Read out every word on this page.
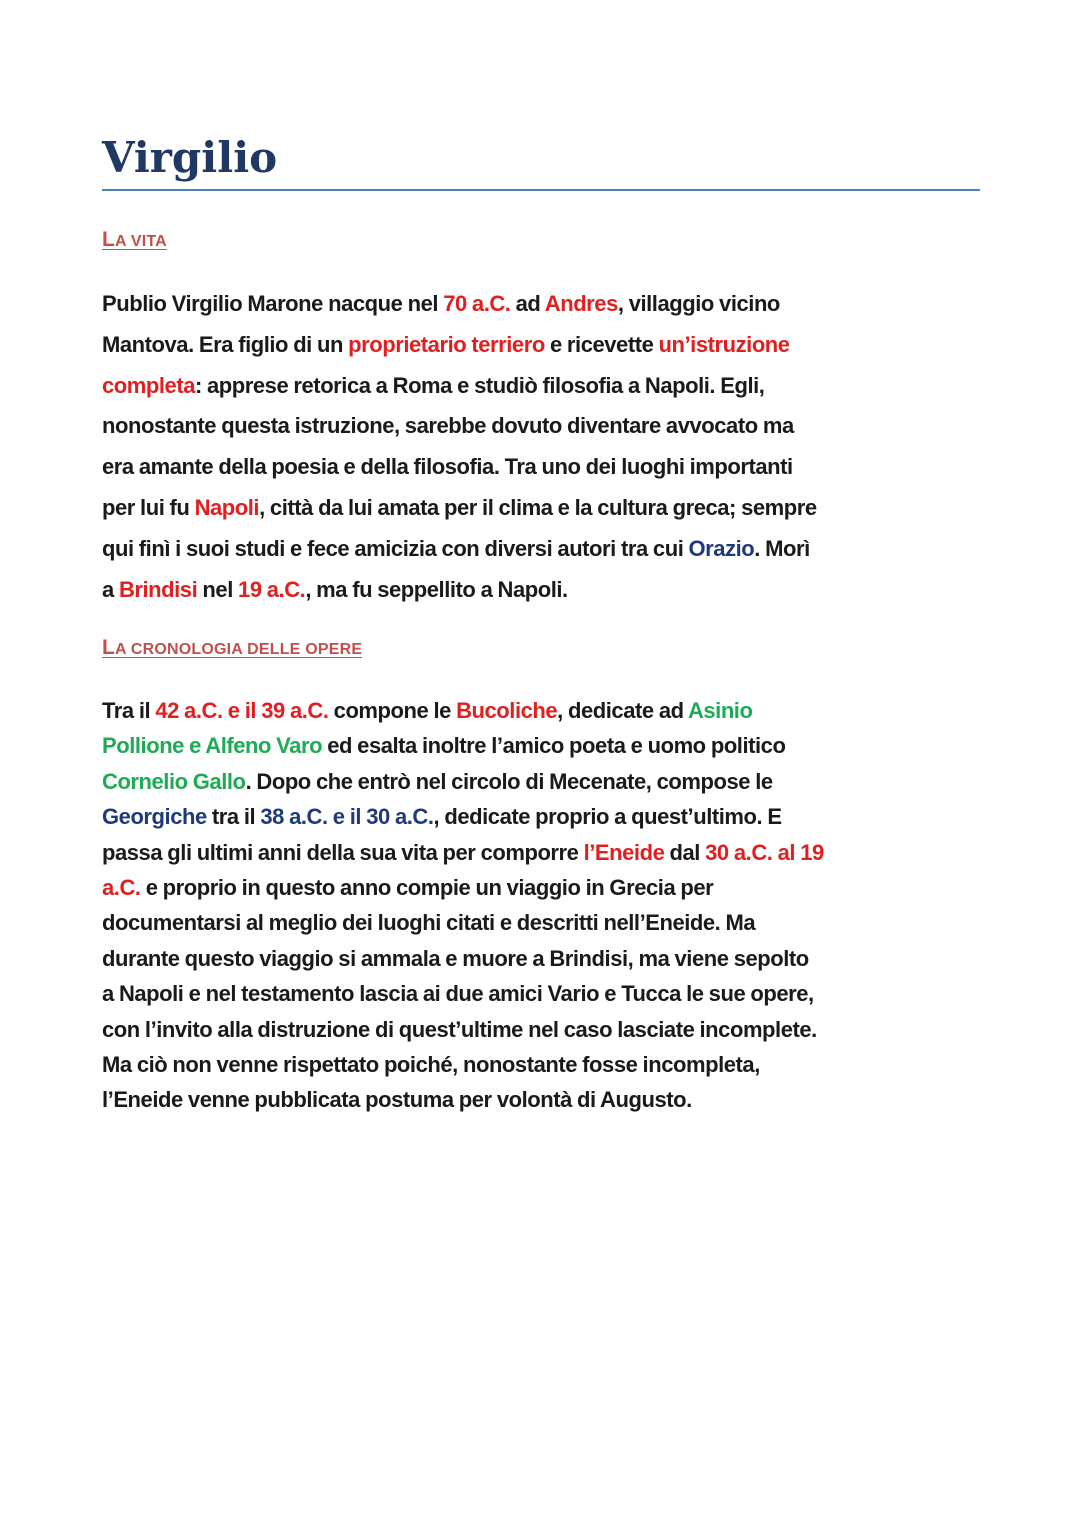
Virgilio
LA VITA

Publio Virgilio Marone nacque nel 70 a.C. ad Andres, villaggio vicino
Mantova. Era figlio di un proprietario terriero e ricevette un’istruzione
completa: apprese retorica a Roma e studiò filosofia a Napoli. Egli,
nonostante questa istruzione, sarebbe dovuto diventare avvocato ma
era amante della poesia e della filosofia. Tra uno dei luoghi importanti
per lui fu Napoli, città da lui amata per il clima e la cultura greca; sempre
qui finì i suoi studi e fece amicizia con diversi autori tra cui Orazio. Morì
a Brindisi nel 19 a.C., ma fu seppellito a Napoli.

LA CRONOLOGIA DELLE OPERE

Tra il 42 a.C. e il 39 a.C. compone le Bucoliche, dedicate ad Asinio
Pollione e Alfeno Varo ed esalta inoltre l’amico poeta e uomo politico
Cornelio Gallo. Dopo che entrò nel circolo di Mecenate, compose le
Georgiche tra il 38 a.C. e il 30 a.C., dedicate proprio a quest’ultimo. E
passa gli ultimi anni della sua vita per comporre l’Eneide dal 30 a.C. al 19
a.C. e proprio in questo anno compie un viaggio in Grecia per
documentarsi al meglio dei luoghi citati e descritti nell’Eneide. Ma
durante questo viaggio si ammala e muore a Brindisi, ma viene sepolto
a Napoli e nel testamento lascia ai due amici Vario e Tucca le sue opere,
con l’invito alla distruzione di quest’ultime nel caso lasciate incomplete.
Ma ciò non venne rispettato poiché, nonostante fosse incompleta,
l’Eneide venne pubblicata postuma per volontà di Augusto.
